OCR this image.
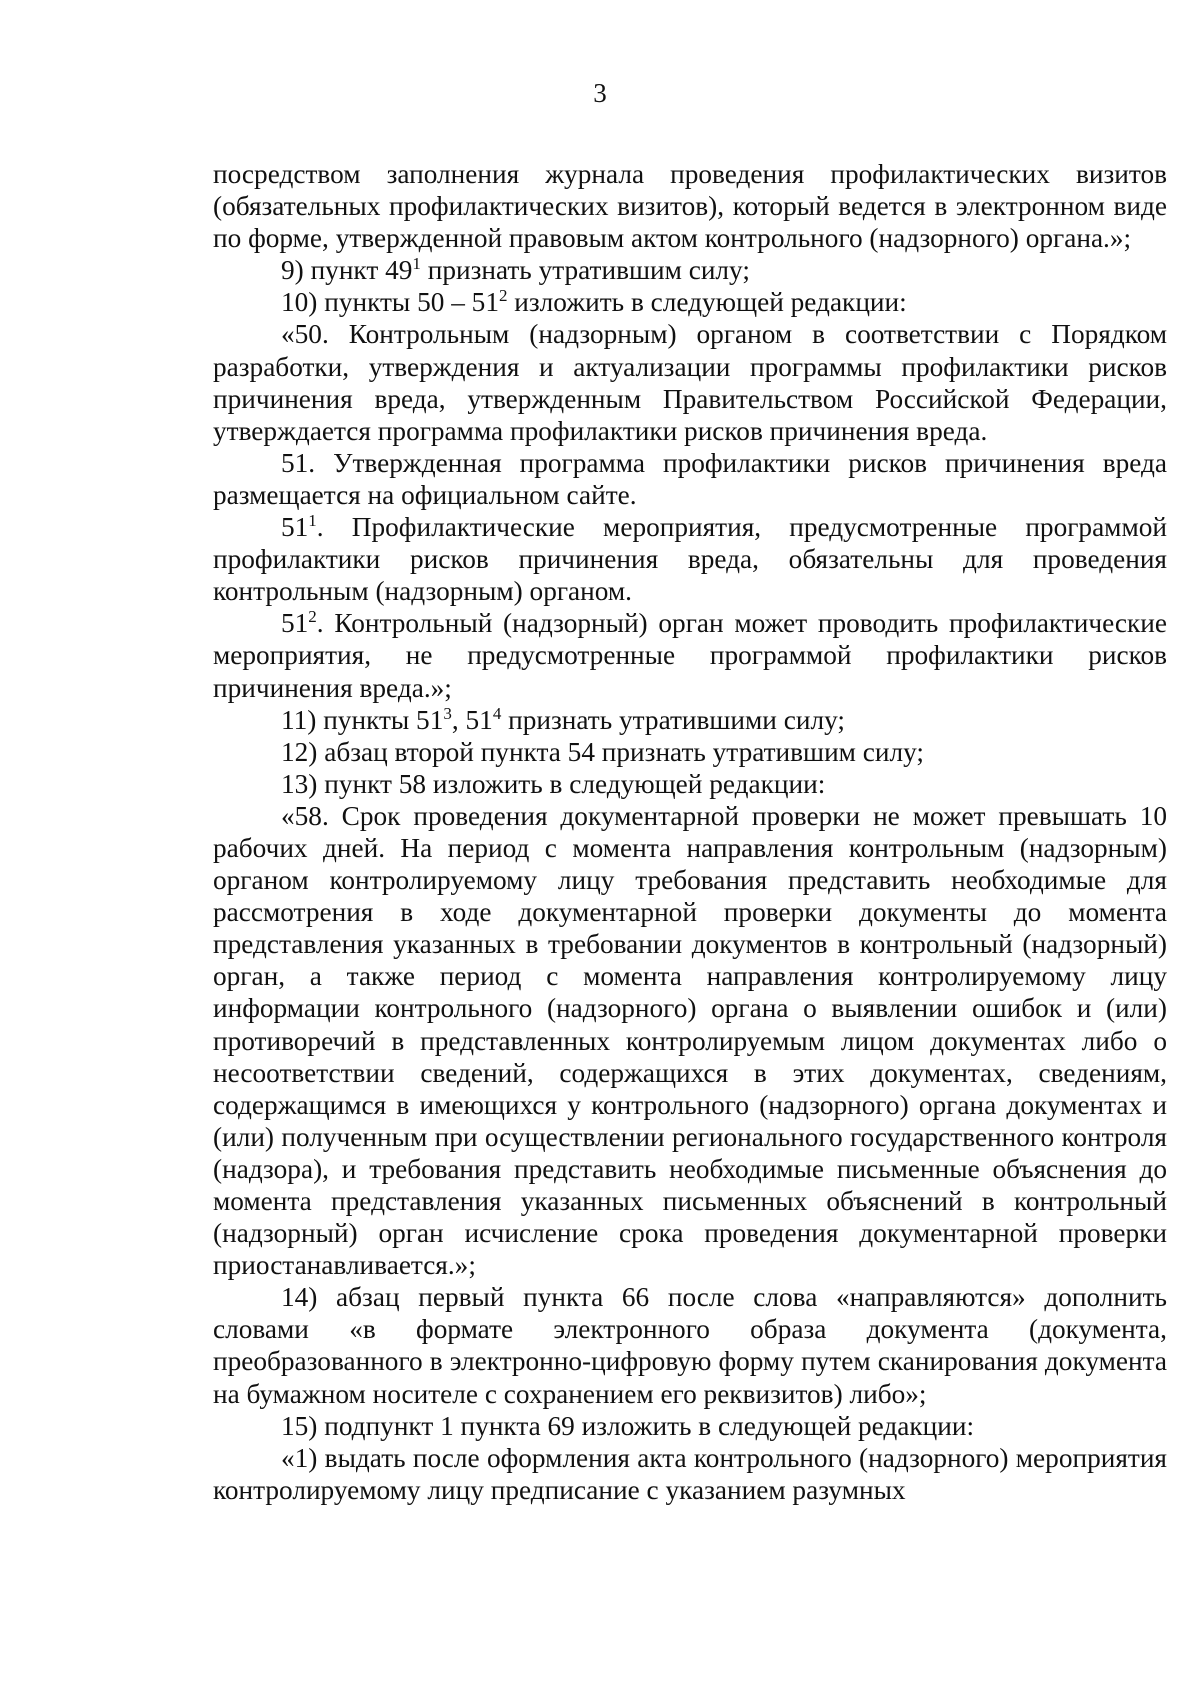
3

посредством заполнения журнала проведения профилактических визитов (обязательных профилактических визитов), который ведется в электронном виде по форме, утвержденной правовым актом контрольного (надзорного) органа.»;

9) пункт $49^1$ признать утратившим силу;

10) пункты $50 - 51^2$ изложить в следующей редакции:

«50. Контрольным (надзорным) органом в соответствии с Порядком разработки, утверждения и актуализации программы профилактики рисков причинения вреда, утвержденным Правительством Российской Федерации, утверждается программа профилактики рисков причинения вреда.

51. Утвержденная программа профилактики рисков причинения вреда размещается на официальном сайте.

$51^1$. Профилактические мероприятия, предусмотренные программой профилактики рисков причинения вреда, обязательны для проведения контрольным (надзорным) органом.

$51^2$. Контрольный (надзорный) орган может проводить профилактические мероприятия, не предусмотренные программой профилактики рисков причинения вреда.»;

11) пункты $51^3$, $51^4$ признать утратившими силу;

12) абзац второй пункта 54 признать утратившим силу;

13) пункт 58 изложить в следующей редакции:

«58. Срок проведения документарной проверки не может превышать 10 рабочих дней. На период с момента направления контрольным (надзорным) органом контролируемому лицу требования представить необходимые для рассмотрения в ходе документарной проверки документы до момента представления указанных в требовании документов в контрольный (надзорный) орган, а также период с момента направления контролируемому лицу информации контрольного (надзорного) органа о выявлении ошибок и (или) противоречий в представленных контролируемым лицом документах либо о несоответствии сведений, содержащихся в этих документах, сведениям, содержащимся в имеющихся у контрольного (надзорного) органа документах и (или) полученным при осуществлении регионального государственного контроля (надзора), и требования представить необходимые письменные объяснения до момента представления указанных письменных объяснений в контрольный (надзорный) орган исчисление срока проведения документарной проверки приостанавливается.»;

14) абзац первый пункта 66 после слова «направляются» дополнить словами «в формате электронного образа документа (документа, преобразованного в электронно-цифровую форму путем сканирования документа на бумажном носителе с сохранением его реквизитов) либо»;

15) подпункт 1 пункта 69 изложить в следующей редакции:

«1) выдать после оформления акта контрольного (надзорного) мероприятия контролируемому лицу предписание с указанием разумных
